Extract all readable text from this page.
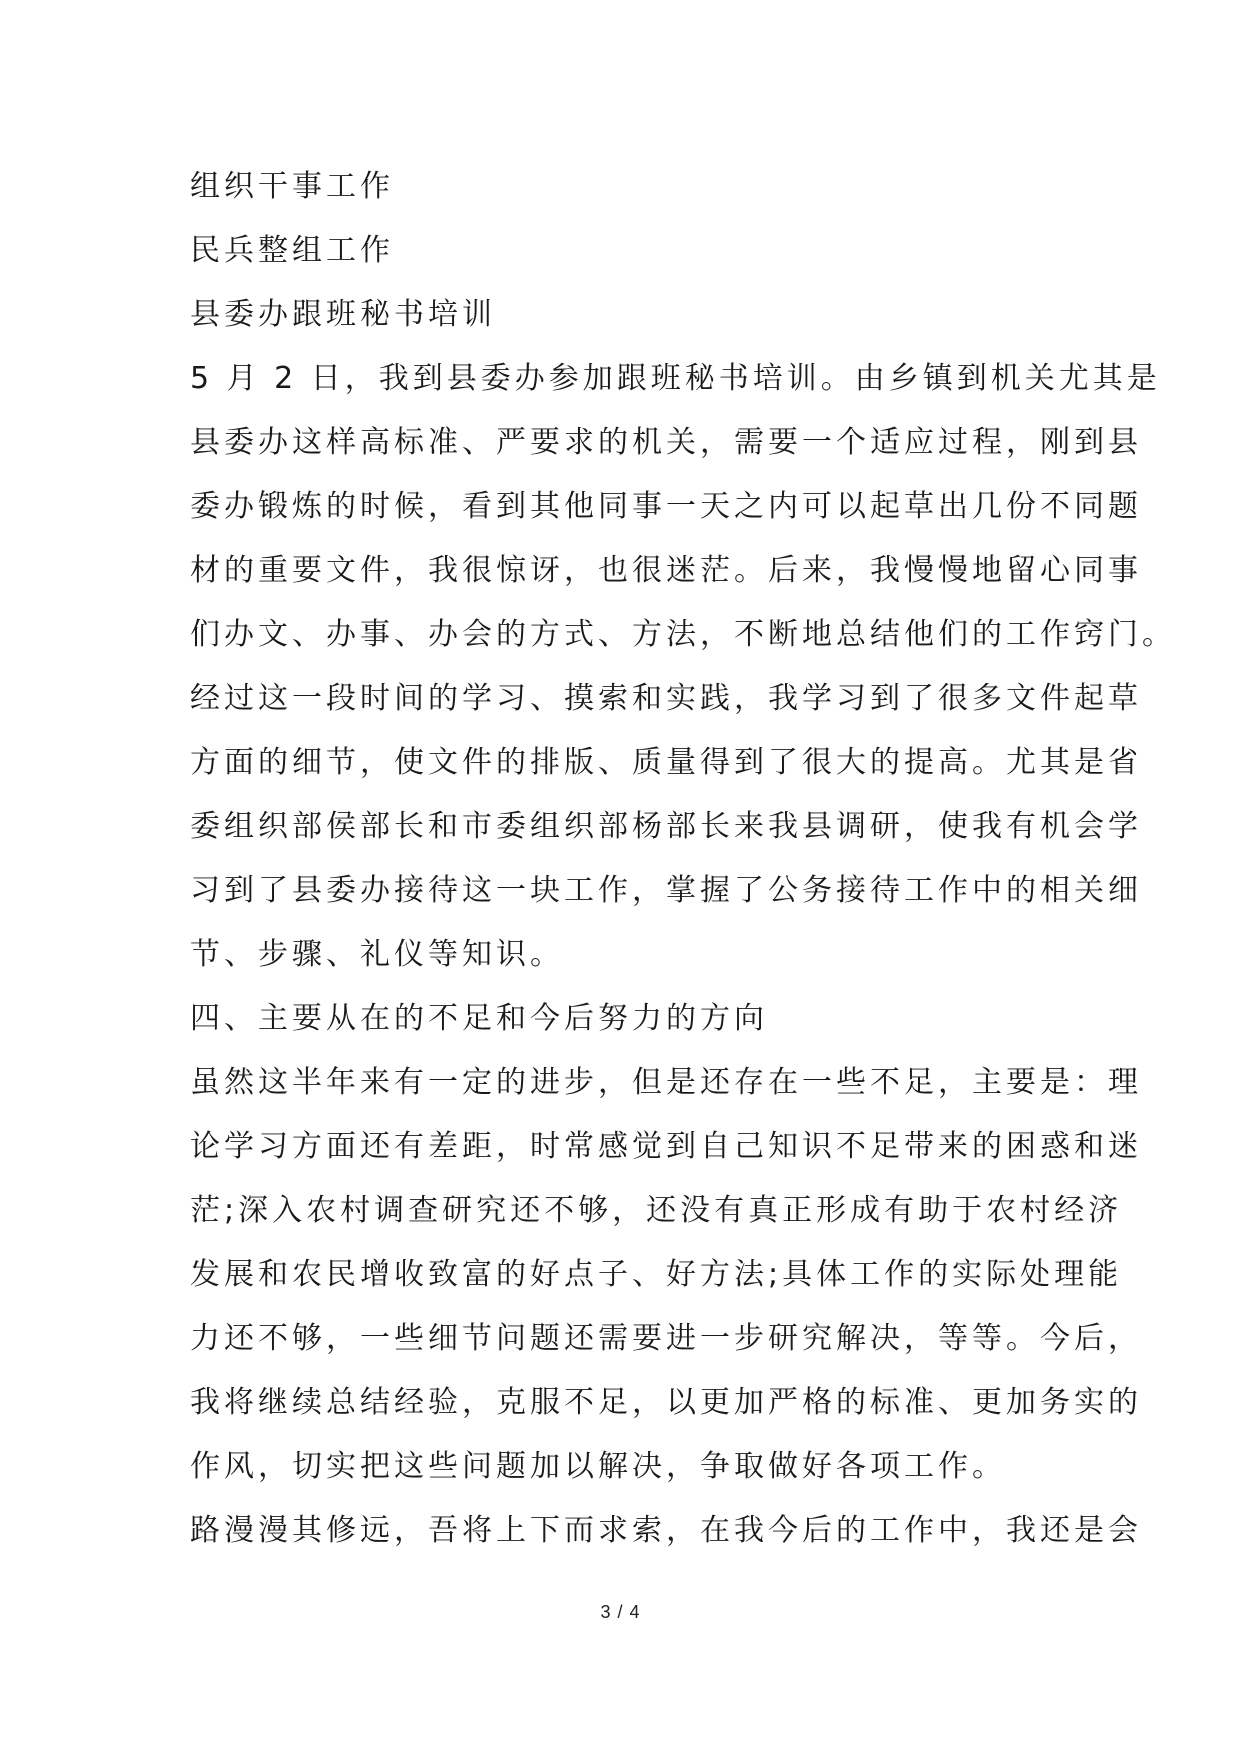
组织干事工作
民兵整组工作
县委办跟班秘书培训
5 月 2 日，我到县委办参加跟班秘书培训。由乡镇到机关尤其是
县委办这样高标准、严要求的机关，需要一个适应过程，刚到县
委办锻炼的时候，看到其他同事一天之内可以起草出几份不同题
材的重要文件，我很惊讶，也很迷茫。后来，我慢慢地留心同事
们办文、办事、办会的方式、方法，不断地总结他们的工作窍门。
经过这一段时间的学习、摸索和实践，我学习到了很多文件起草
方面的细节，使文件的排版、质量得到了很大的提高。尤其是省
委组织部侯部长和市委组织部杨部长来我县调研，使我有机会学
习到了县委办接待这一块工作，掌握了公务接待工作中的相关细
节、步骤、礼仪等知识。
四、主要从在的不足和今后努力的方向
虽然这半年来有一定的进步，但是还存在一些不足，主要是：理
论学习方面还有差距，时常感觉到自己知识不足带来的困惑和迷
茫;深入农村调查研究还不够，还没有真正形成有助于农村经济
发展和农民增收致富的好点子、好方法;具体工作的实际处理能
力还不够，一些细节问题还需要进一步研究解决，等等。今后，
我将继续总结经验，克服不足，以更加严格的标准、更加务实的
作风，切实把这些问题加以解决，争取做好各项工作。
路漫漫其修远，吾将上下而求索，在我今后的工作中，我还是会
3 / 4
